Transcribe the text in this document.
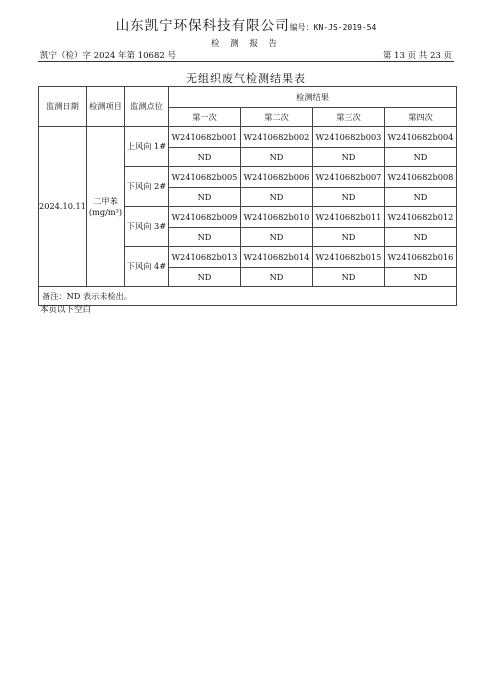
山东凯宁环保科技有限公司编号：KN-JS-2019-54
检 测 报 告
凯宁（检）字 2024 年第 10682 号	第 13 页 共 23 页
无组织废气检测结果表
监测日期	检测项目	监测点位	检测结果			
			第一次	第二次	第三次	第四次
2024.10.11	二甲苯 (mg/m³)	上风向 1#	W2410682b001	W2410682b002	W2410682b003	W2410682b004
			ND	ND	ND	ND
		下风向 2#	W2410682b005	W2410682b006	W2410682b007	W2410682b008
			ND	ND	ND	ND
		下风向 3#	W2410682b009	W2410682b010	W2410682b011	W2410682b012
			ND	ND	ND	ND
		下风向 4#	W2410682b013	W2410682b014	W2410682b015	W2410682b016
			ND	ND	ND	ND
备注：ND 表示未检出。						
本页以下空白
